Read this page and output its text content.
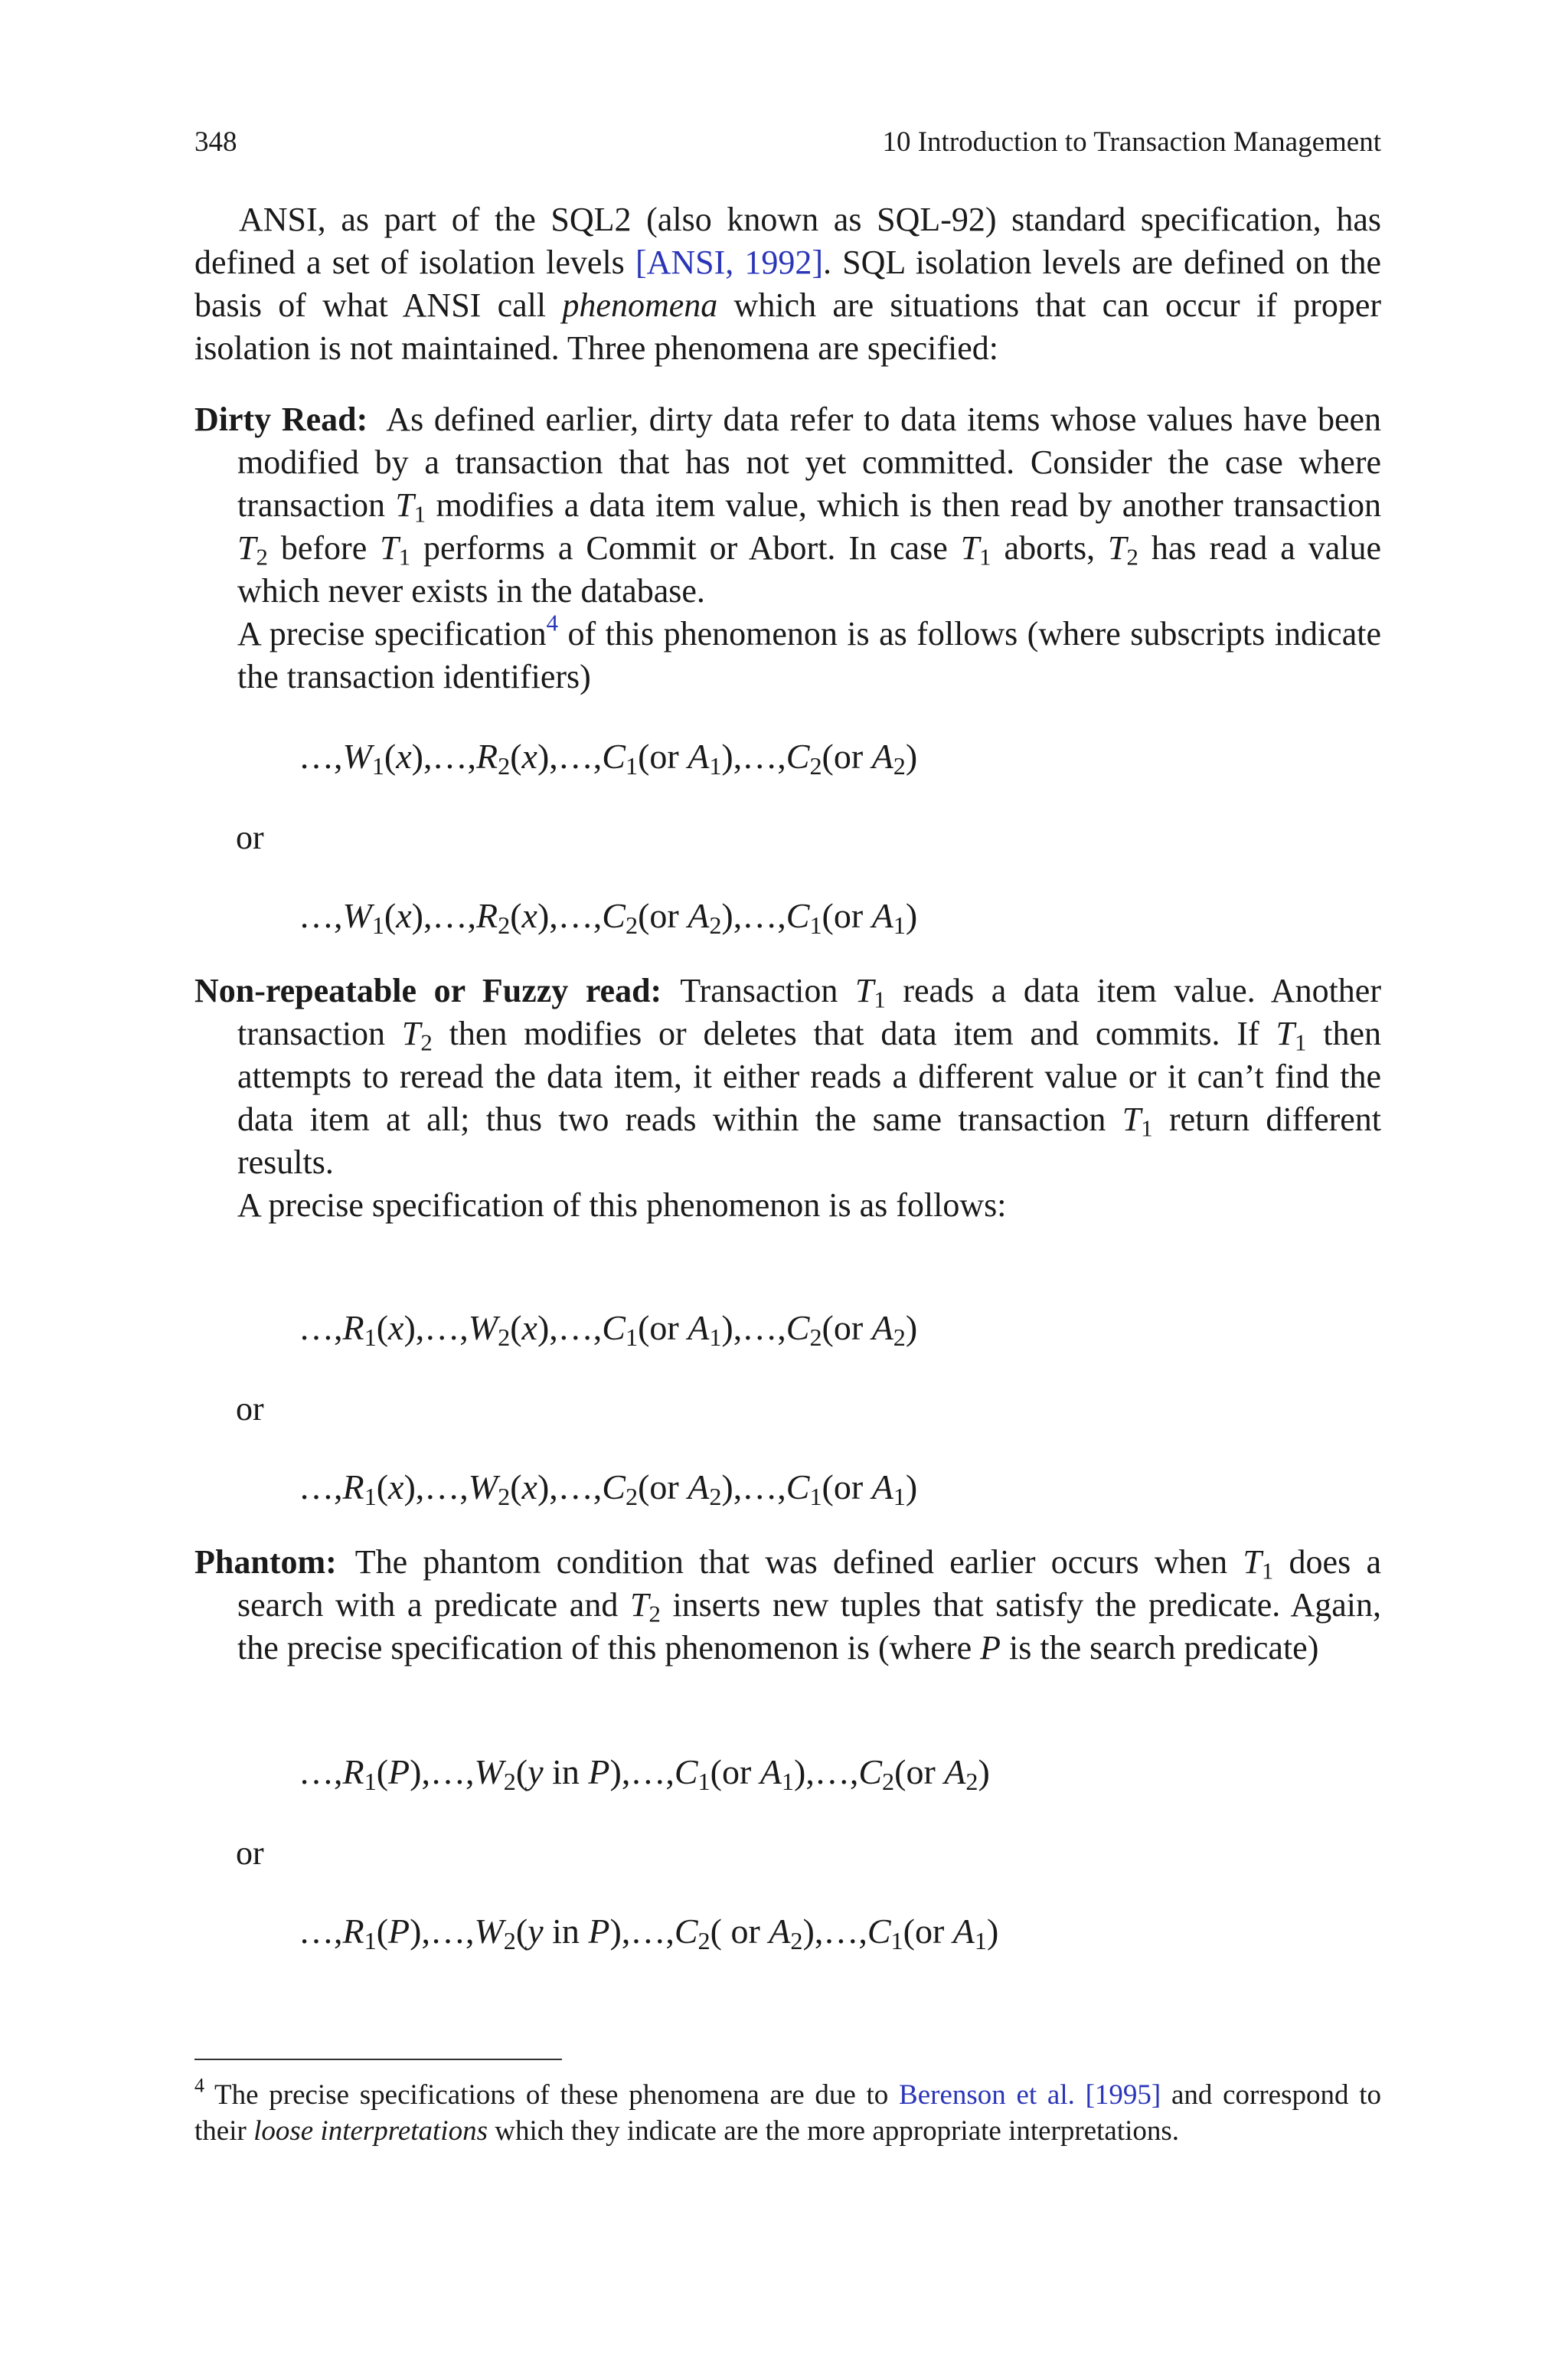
348	10 Introduction to Transaction Management
ANSI, as part of the SQL2 (also known as SQL-92) standard specification, has defined a set of isolation levels [ANSI, 1992]. SQL isolation levels are defined on the basis of what ANSI call phenomena which are situations that can occur if proper isolation is not maintained. Three phenomena are specified:
Dirty Read: As defined earlier, dirty data refer to data items whose values have been modified by a transaction that has not yet committed. Consider the case where transaction $T_1$ modifies a data item value, which is then read by another transaction $T_2$ before $T_1$ performs a Commit or Abort. In case $T_1$ aborts, $T_2$ has read a value which never exists in the database.
A precise specification$^4$ of this phenomenon is as follows (where subscripts indicate the transaction identifiers)
$\dots,W_1(x),\dots,R_2(x),\dots,C_1(or$ $A_1),\dots,C_2(or$ $A_2$)
or
$\dots,W_1(x),\dots,R_2(x),\dots,C_2(or$ $A_2),\dots,C_1(or$ $A_1$)
Non-repeatable or Fuzzy read: Transaction $T_1$ reads a data item value. Another transaction $T_2$ then modifies or deletes that data item and commits. If $T_1$ then attempts to reread the data item, it either reads a different value or it can’t find the data item at all; thus two reads within the same transaction $T_1$ return different results.
A precise specification of this phenomenon is as follows:
$\dots,R_1(x),\dots,W_2(x),\dots,C_1(or$ $A_1),\dots,C_2(or$ $A_2$)
or
$\dots,R_1(x),\dots,W_2(x),\dots,C_2(or$ $A_2),\dots,C_1(or$ $A_1$)
Phantom: The phantom condition that was defined earlier occurs when $T_1$ does a search with a predicate and $T_2$ inserts new tuples that satisfy the predicate. Again, the precise specification of this phenomenon is (where P is the search predicate)
$\dots,R_1(P),\dots,W_2(y$ in $P),\dots,C_1(or$ $A_1),\dots,C_2(or$ $A_2$)
or
$\dots,R_1(P),\dots,W_2(y$ in $P),\dots,C_2$( or $A_2),\dots,C_1(or$ $A_1$)
$^4$ The precise specifications of these phenomena are due to Berenson et al. [1995] and correspond to their loose interpretations which they indicate are the more appropriate interpretations.
